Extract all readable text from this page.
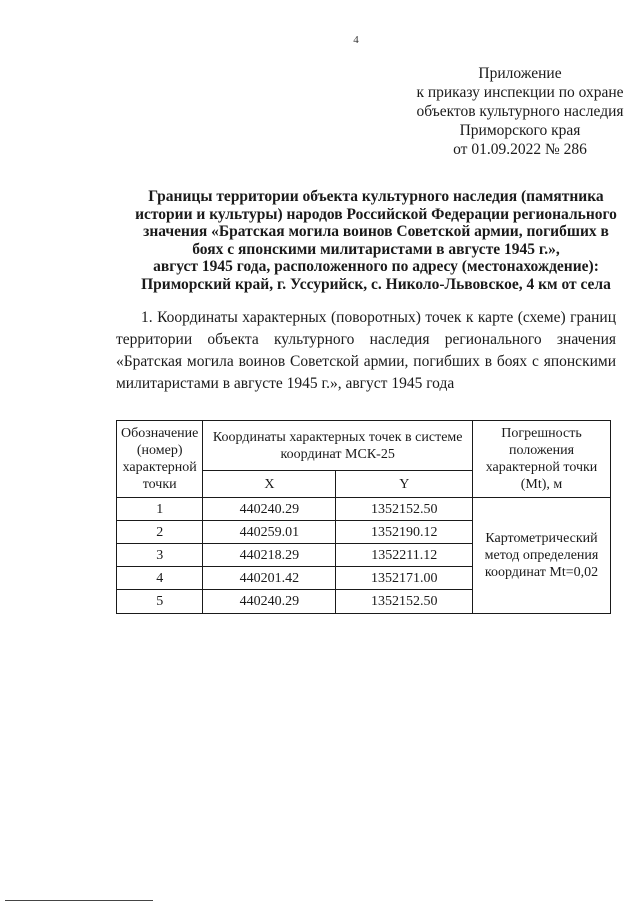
4
Приложение
к приказу инспекции по охране
объектов культурного наследия
Приморского края
от 01.09.2022 № 286
Границы территории объекта культурного наследия (памятника
истории и культуры) народов Российской Федерации регионального
значения «Братская могила воинов Советской армии, погибших в
боях с японскими милитаристами в августе 1945 г.»,
август 1945 года, расположенного по адресу (местонахождение):
Приморский край, г. Уссурийск, с. Николо-Львовское, 4 км от села

1. Координаты характерных (поворотных) точек к карте (схеме) границ

территории объекта культурного наследия регионального значения «Братская могила воинов Советской армии, погибших в боях с японскими милитаристами в августе 1945 г.», август 1945 года

Обозначение (номер) характерной точки	Координаты характерных точек в системе координат МСК-25		Погрешность положения характерной точки (Mt), м
	X	Y	
1	440240.29	1352152.50	Картометрический метод определения координат Mt=0,02
2	440259.01	1352190.12	
3	440218.29	1352211.12	
4	440201.42	1352171.00	
5	440240.29	1352152.50	
